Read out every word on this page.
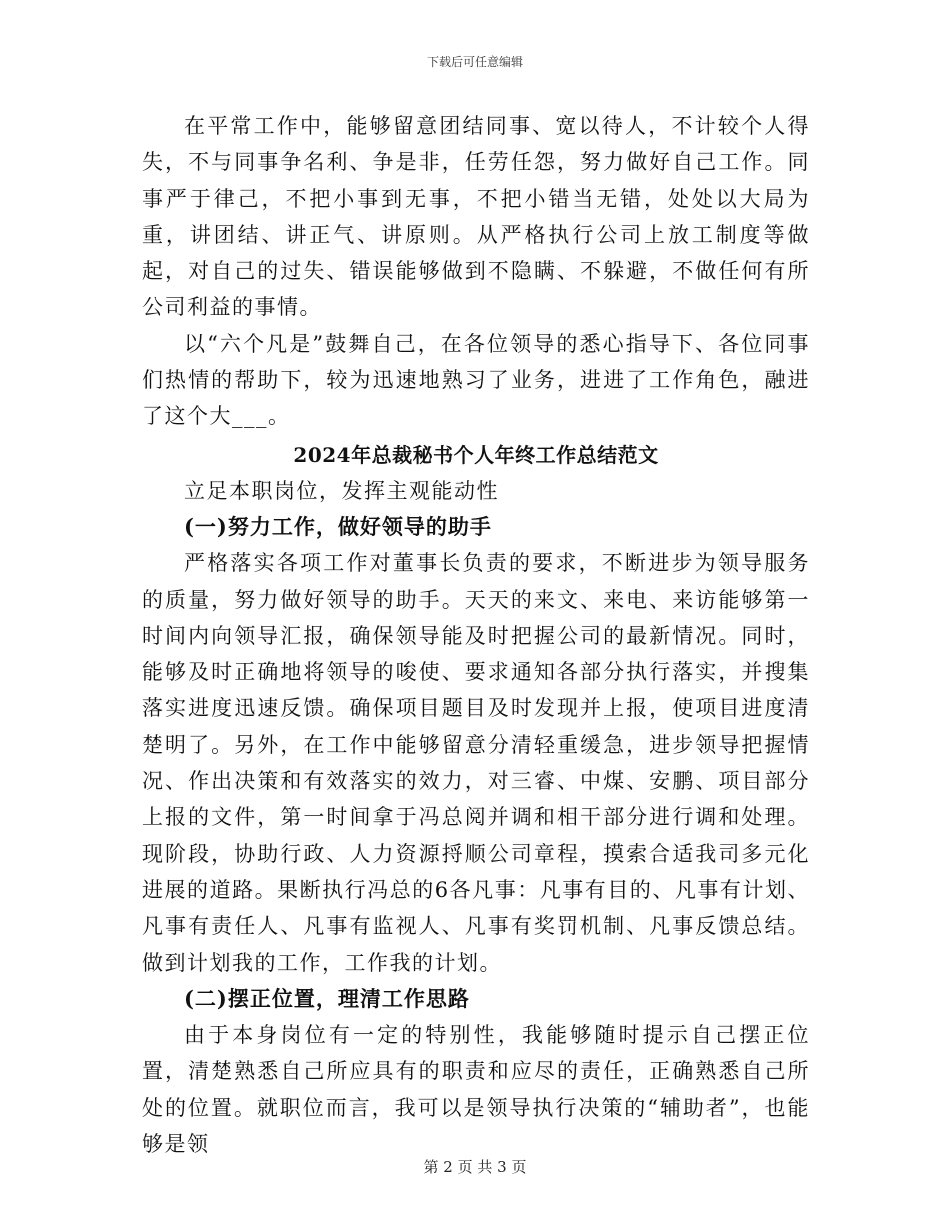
下载后可任意编辑

在平常工作中，能够留意团结同事、宽以待人，不计较个人得失，不与同事争名利、争是非，任劳任怨，努力做好自己工作。同事严于律己，不把小事到无事，不把小错当无错，处处以大局为重，讲团结、讲正气、讲原则。从严格执行公司上放工制度等做起，对自己的过失、错误能够做到不隐瞒、不躲避，不做任何有所公司利益的事情。

以“六个凡是”鼓舞自己，在各位领导的悉心指导下、各位同事们热情的帮助下，较为迅速地熟习了业务，进进了工作角色，融进了这个大___。

2024年总裁秘书个人年终工作总结范文

立足本职岗位，发挥主观能动性

(一)努力工作，做好领导的助手

严格落实各项工作对董事长负责的要求，不断进步为领导服务的质量，努力做好领导的助手。天天的来文、来电、来访能够第一时间内向领导汇报，确保领导能及时把握公司的最新情况。同时，能够及时正确地将领导的唆使、要求通知各部分执行落实，并搜集落实进度迅速反馈。确保项目题目及时发现并上报，使项目进度清楚明了。另外，在工作中能够留意分清轻重缓急，进步领导把握情况、作出决策和有效落实的效力，对三睿、中煤、安鹏、项目部分上报的文件，第一时间拿于冯总阅并调和相干部分进行调和处理。现阶段，协助行政、人力资源捋顺公司章程，摸索合适我司多元化进展的道路。果断执行冯总的6各凡事：凡事有目的、凡事有计划、凡事有责任人、凡事有监视人、凡事有奖罚机制、凡事反馈总结。做到计划我的工作，工作我的计划。

(二)摆正位置，理清工作思路

由于本身岗位有一定的特别性，我能够随时提示自己摆正位置，清楚熟悉自己所应具有的职责和应尽的责任，正确熟悉自己所处的位置。就职位而言，我可以是领导执行决策的“辅助者”，也能够是领

第 2 页 共 3 页
